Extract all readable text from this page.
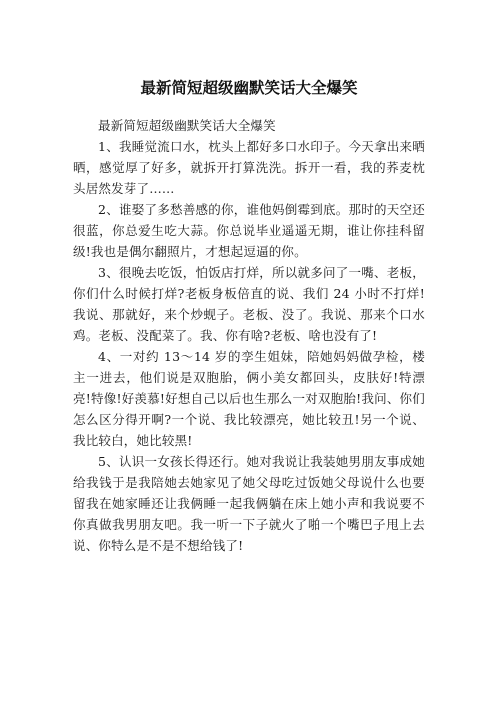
最新简短超级幽默笑话大全爆笑

最新简短超级幽默笑话大全爆笑

1、我睡觉流口水，枕头上都好多口水印子。今天拿出来晒晒，感觉厚了好多，就拆开打算洗洗。拆开一看，我的荞麦枕头居然发芽了……

2、谁娶了多愁善感的你，谁他妈倒霉到底。那时的天空还很蓝，你总爱生吃大蒜。你总说毕业遥遥无期，谁让你挂科留级!我也是偶尔翻照片，才想起逗逼的你。

3、很晚去吃饭，怕饭店打烊，所以就多问了一嘴、老板，你们什么时候打烊?老板身板倍直的说、我们 24 小时不打烊!我说、那就好，来个炒蚬子。老板、没了。我说、那来个口水鸡。老板、没配菜了。我、你有啥?老板、啥也没有了!

4、一对约 13～14 岁的孪生姐妹，陪她妈妈做孕检，楼主一进去，他们说是双胞胎，俩小美女都回头，皮肤好!特漂亮!特像!好羡慕!好想自己以后也生那么一对双胞胎!我问、你们怎么区分得开啊?一个说、我比较漂亮，她比较丑!另一个说、我比较白，她比较黑!

5、认识一女孩长得还行。她对我说让我装她男朋友事成她给我钱于是我陪她去她家见了她父母吃过饭她父母说什么也要留我在她家睡还让我俩睡一起我俩躺在床上她小声和我说要不你真做我男朋友吧。我一听一下子就火了啪一个嘴巴子甩上去说、你特么是不是不想给钱了!
